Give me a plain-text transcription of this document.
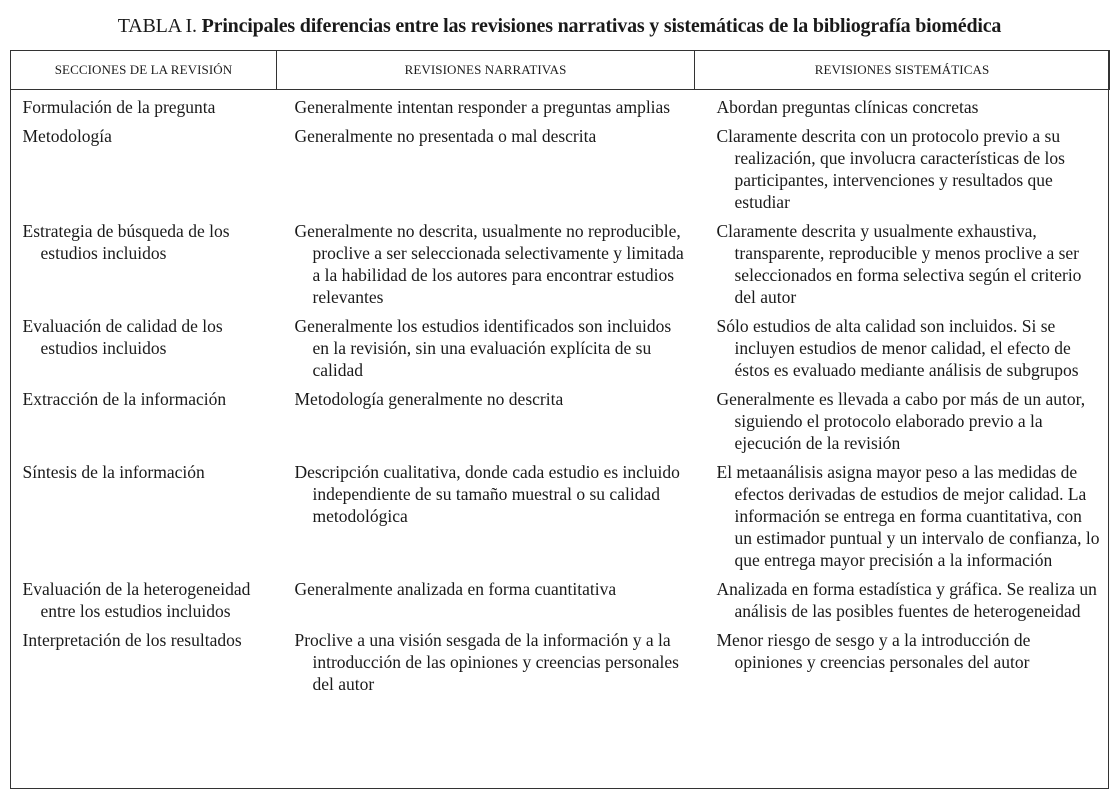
TABLA I. Principales diferencias entre las revisiones narrativas y sistemáticas de la bibliografía biomédica
SECCIONES DE LA REVISIÓN	REVISIONES NARRATIVAS	REVISIONES SISTEMÁTICAS

Formulación de la pregunta	Generalmente intentan responder a preguntas amplias	Abordan preguntas clínicas concretas

Metodología	Generalmente no presentada o mal descrita	Claramente descrita con un protocolo previo a su realización, que involucra características de los participantes, intervenciones y resultados que estudiar

Estrategia de búsqueda de los estudios incluidos	Generalmente no descrita, usualmente no reproducible, proclive a ser seleccionada selectivamente y limitada a la habilidad de los autores para encontrar estudios relevantes	Claramente descrita y usualmente exhaustiva, transparente, reproducible y menos proclive a ser seleccionados en forma selectiva según el criterio del autor

Evaluación de calidad de los estudios incluidos	Generalmente los estudios identificados son incluidos en la revisión, sin una evaluación explícita de su calidad	Sólo estudios de alta calidad son incluidos. Si se incluyen estudios de menor calidad, el efecto de éstos es evaluado mediante análisis de subgrupos

Extracción de la información	Metodología generalmente no descrita	Generalmente es llevada a cabo por más de un autor, siguiendo el protocolo elaborado previo a la ejecución de la revisión

Síntesis de la información	Descripción cualitativa, donde cada estudio es incluido independiente de su tamaño muestral o su calidad metodológica	El metaanálisis asigna mayor peso a las medidas de efectos derivadas de estudios de mejor calidad. La información se entrega en forma cuantitativa, con un estimador puntual y un intervalo de confianza, lo que entrega mayor precisión a la información

Evaluación de la heterogeneidad entre los estudios incluidos	Generalmente analizada en forma cuantitativa	Analizada en forma estadística y gráfica. Se realiza un análisis de las posibles fuentes de heterogeneidad

Interpretación de los resultados	Proclive a una visión sesgada de la información y a la introducción de las opiniones y creencias personales del autor	Menor riesgo de sesgo y a la introducción de opiniones y creencias personales del autor
